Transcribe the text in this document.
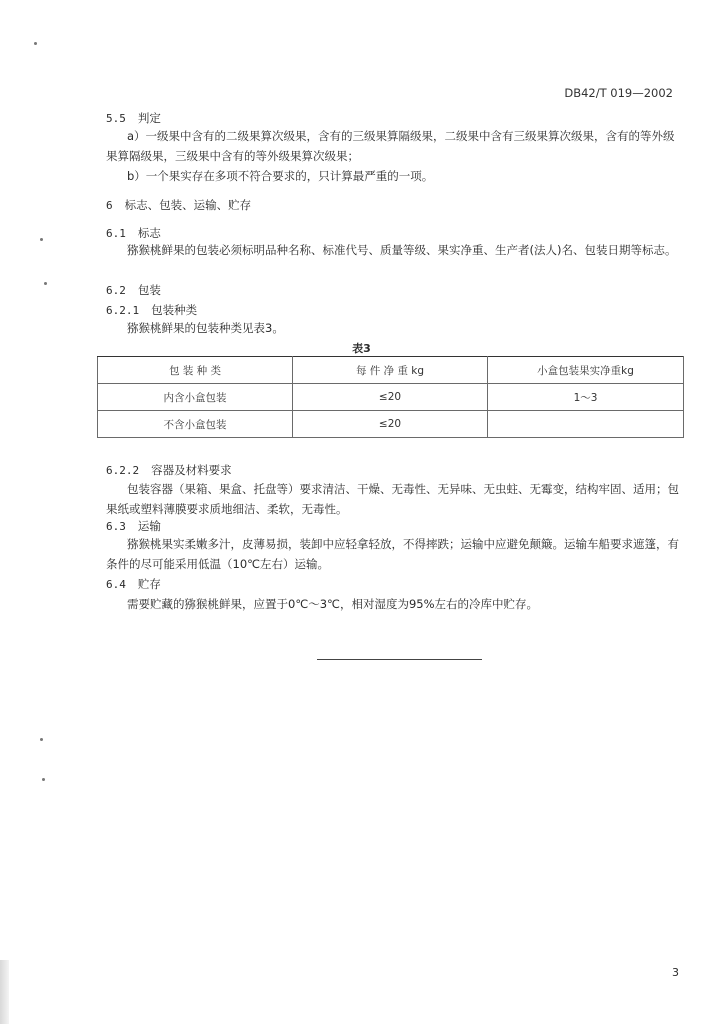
DB42/T 019—2002
5.5 判定
a）一级果中含有的二级果算次级果，含有的三级果算隔级果，二级果中含有三级果算次级果，含有的等外级果算隔级果，三级果中含有的等外级果算次级果；
b）一个果实存在多项不符合要求的，只计算最严重的一项。
6 标志、包装、运输、贮存
6.1 标志
猕猴桃鲜果的包装必须标明品种名称、标准代号、质量等级、果实净重、生产者(法人)名、包装日期等标志。
6.2 包装
6.2.1 包装种类
猕猴桃鲜果的包装种类见表3。
表3
包 装 种 类	每 件 净 重 kg	小盒包装果实净重kg
内含小盒包装	≤20	1～3
不含小盒包装	≤20	
6.2.2 容器及材料要求
包装容器（果箱、果盒、托盘等）要求清洁、干燥、无毒性、无异味、无虫蛀、无霉变，结构牢固、适用；包果纸或塑料薄膜要求质地细洁、柔软，无毒性。
6.3 运输
猕猴桃果实柔嫩多汁，皮薄易损，装卸中应轻拿轻放，不得摔跌；运输中应避免颠簸。运输车船要求遮篷，有条件的尽可能采用低温（10℃左右）运输。
6.4 贮存
需要贮藏的猕猴桃鲜果，应置于0℃～3℃，相对湿度为95%左右的冷库中贮存。
3
